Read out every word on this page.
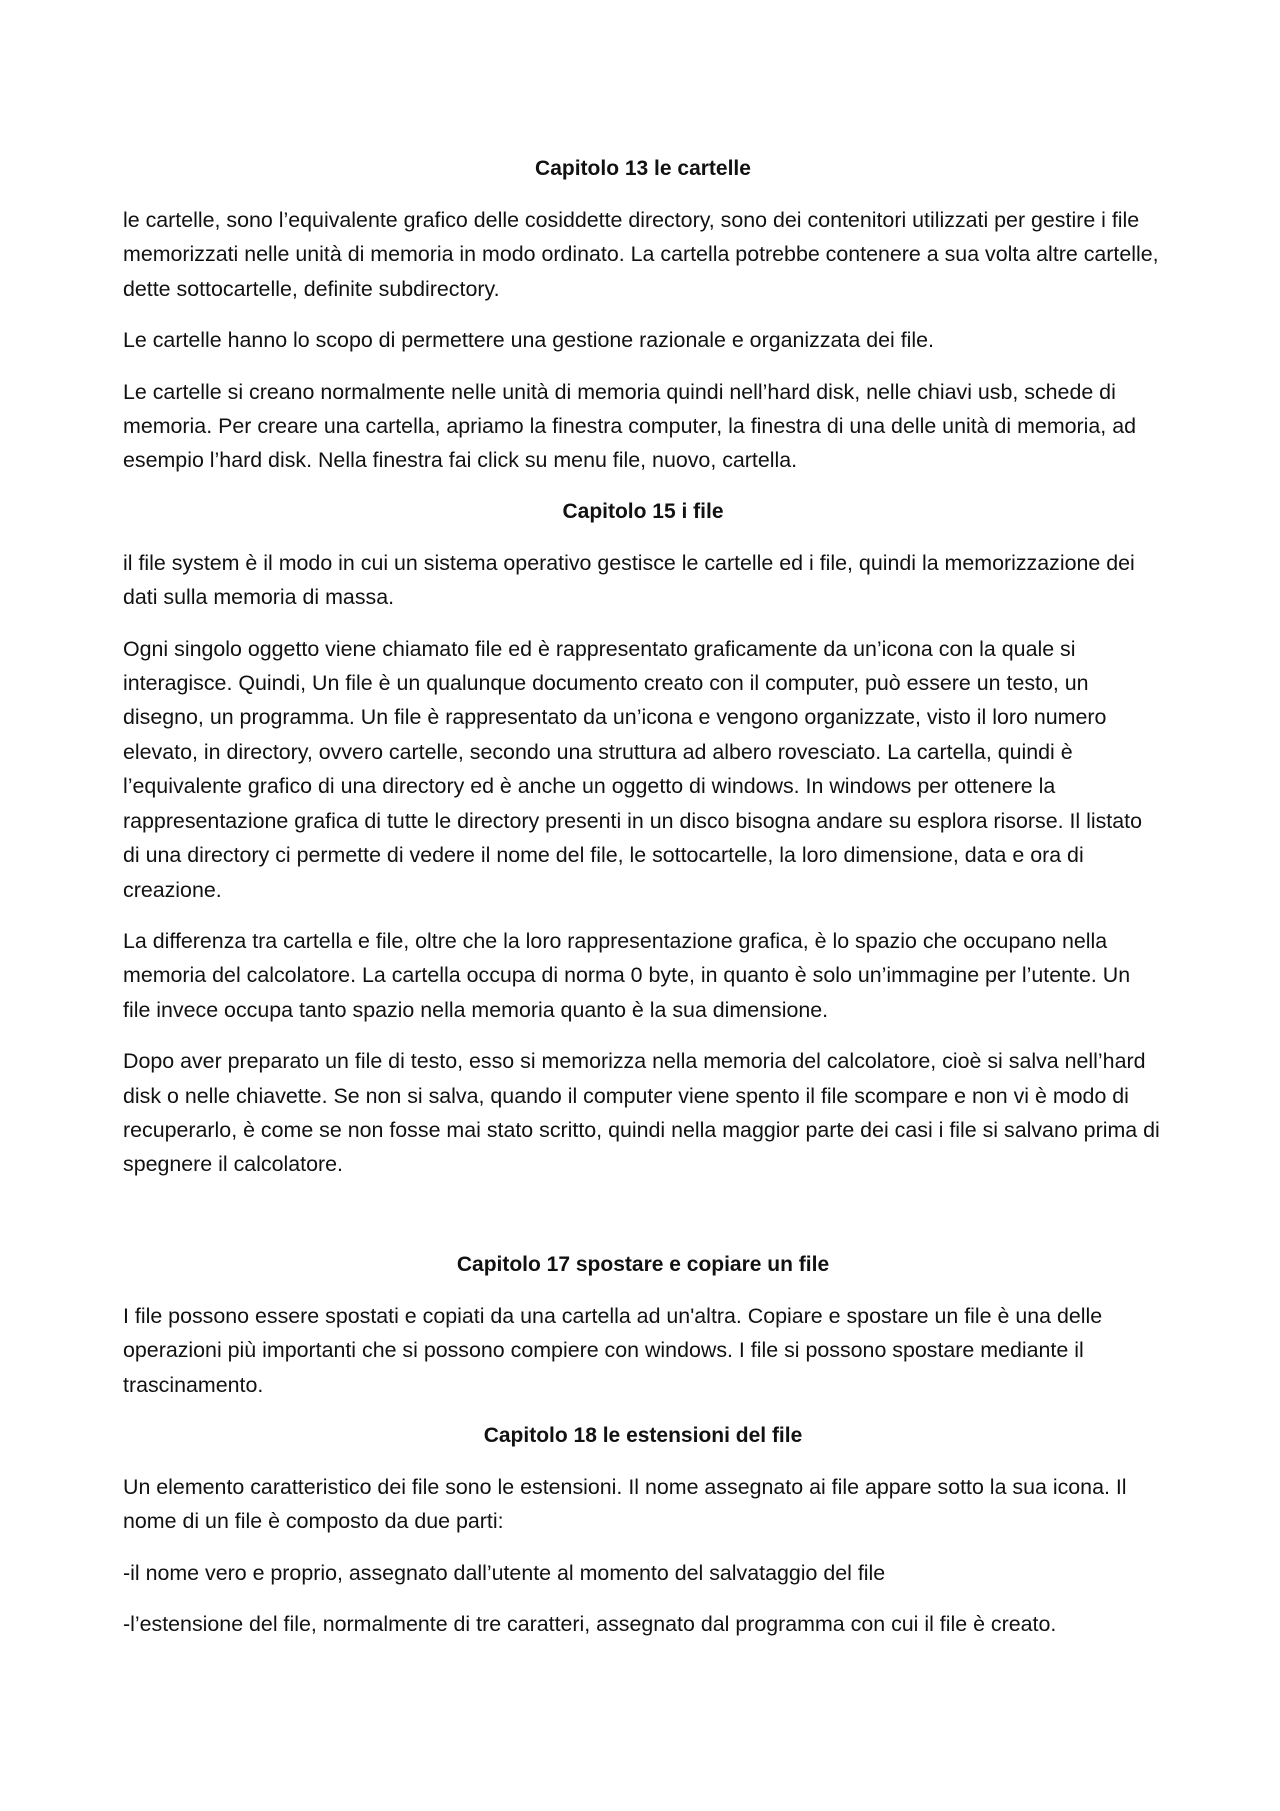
Capitolo 13 le cartelle

le cartelle, sono l’equivalente grafico delle cosiddette directory, sono dei contenitori utilizzati per gestire i file memorizzati nelle unità di memoria in modo ordinato. La cartella potrebbe contenere a sua volta altre cartelle, dette sottocartelle, definite subdirectory.

Le cartelle hanno lo scopo di permettere una gestione razionale e organizzata dei file.

Le cartelle si creano normalmente nelle unità di memoria quindi nell’hard disk, nelle chiavi usb, schede di memoria. Per creare una cartella, apriamo la finestra computer, la finestra di una delle unità di memoria, ad esempio l’hard disk. Nella finestra fai click su menu file, nuovo, cartella.

Capitolo 15 i file

il file system è il modo in cui un sistema operativo gestisce le cartelle ed i file, quindi la memorizzazione dei dati sulla memoria di massa.

Ogni singolo oggetto viene chiamato file ed è rappresentato graficamente da un’icona con la quale si interagisce. Quindi, Un file è un qualunque documento creato con il computer, può essere un testo, un disegno, un programma. Un file è rappresentato da un’icona e vengono organizzate, visto il loro numero elevato, in directory, ovvero cartelle, secondo una struttura ad albero rovesciato. La cartella, quindi è l’equivalente grafico di una directory ed è anche un oggetto di windows. In windows per ottenere la rappresentazione grafica di tutte le directory presenti in un disco bisogna andare su esplora risorse. Il listato di una directory ci permette di vedere il nome del file, le sottocartelle, la loro dimensione, data e ora di creazione.

La differenza tra cartella e file, oltre che la loro rappresentazione grafica, è lo spazio che occupano nella memoria del calcolatore. La cartella occupa di norma 0 byte, in quanto è solo un’immagine per l’utente. Un file invece occupa tanto spazio nella memoria quanto è la sua dimensione.

Dopo aver preparato un file di testo, esso si memorizza nella memoria del calcolatore, cioè si salva nell’hard disk o nelle chiavette. Se non si salva, quando il computer viene spento il file scompare e non vi è modo di recuperarlo, è come se non fosse mai stato scritto, quindi nella maggior parte dei casi i file si salvano prima di spegnere il calcolatore.

Capitolo 17 spostare e copiare un file

I file possono essere spostati e copiati da una cartella ad un'altra. Copiare e spostare un file è una delle operazioni più importanti che si possono compiere con windows. I file si possono spostare mediante il trascinamento.

Capitolo 18 le estensioni del file

Un elemento caratteristico dei file sono le estensioni. Il nome assegnato ai file appare sotto la sua icona. Il nome di un file è composto da due parti:

-il nome vero e proprio, assegnato dall’utente al momento del salvataggio del file

-l’estensione del file, normalmente di tre caratteri, assegnato dal programma con cui il file è creato.
